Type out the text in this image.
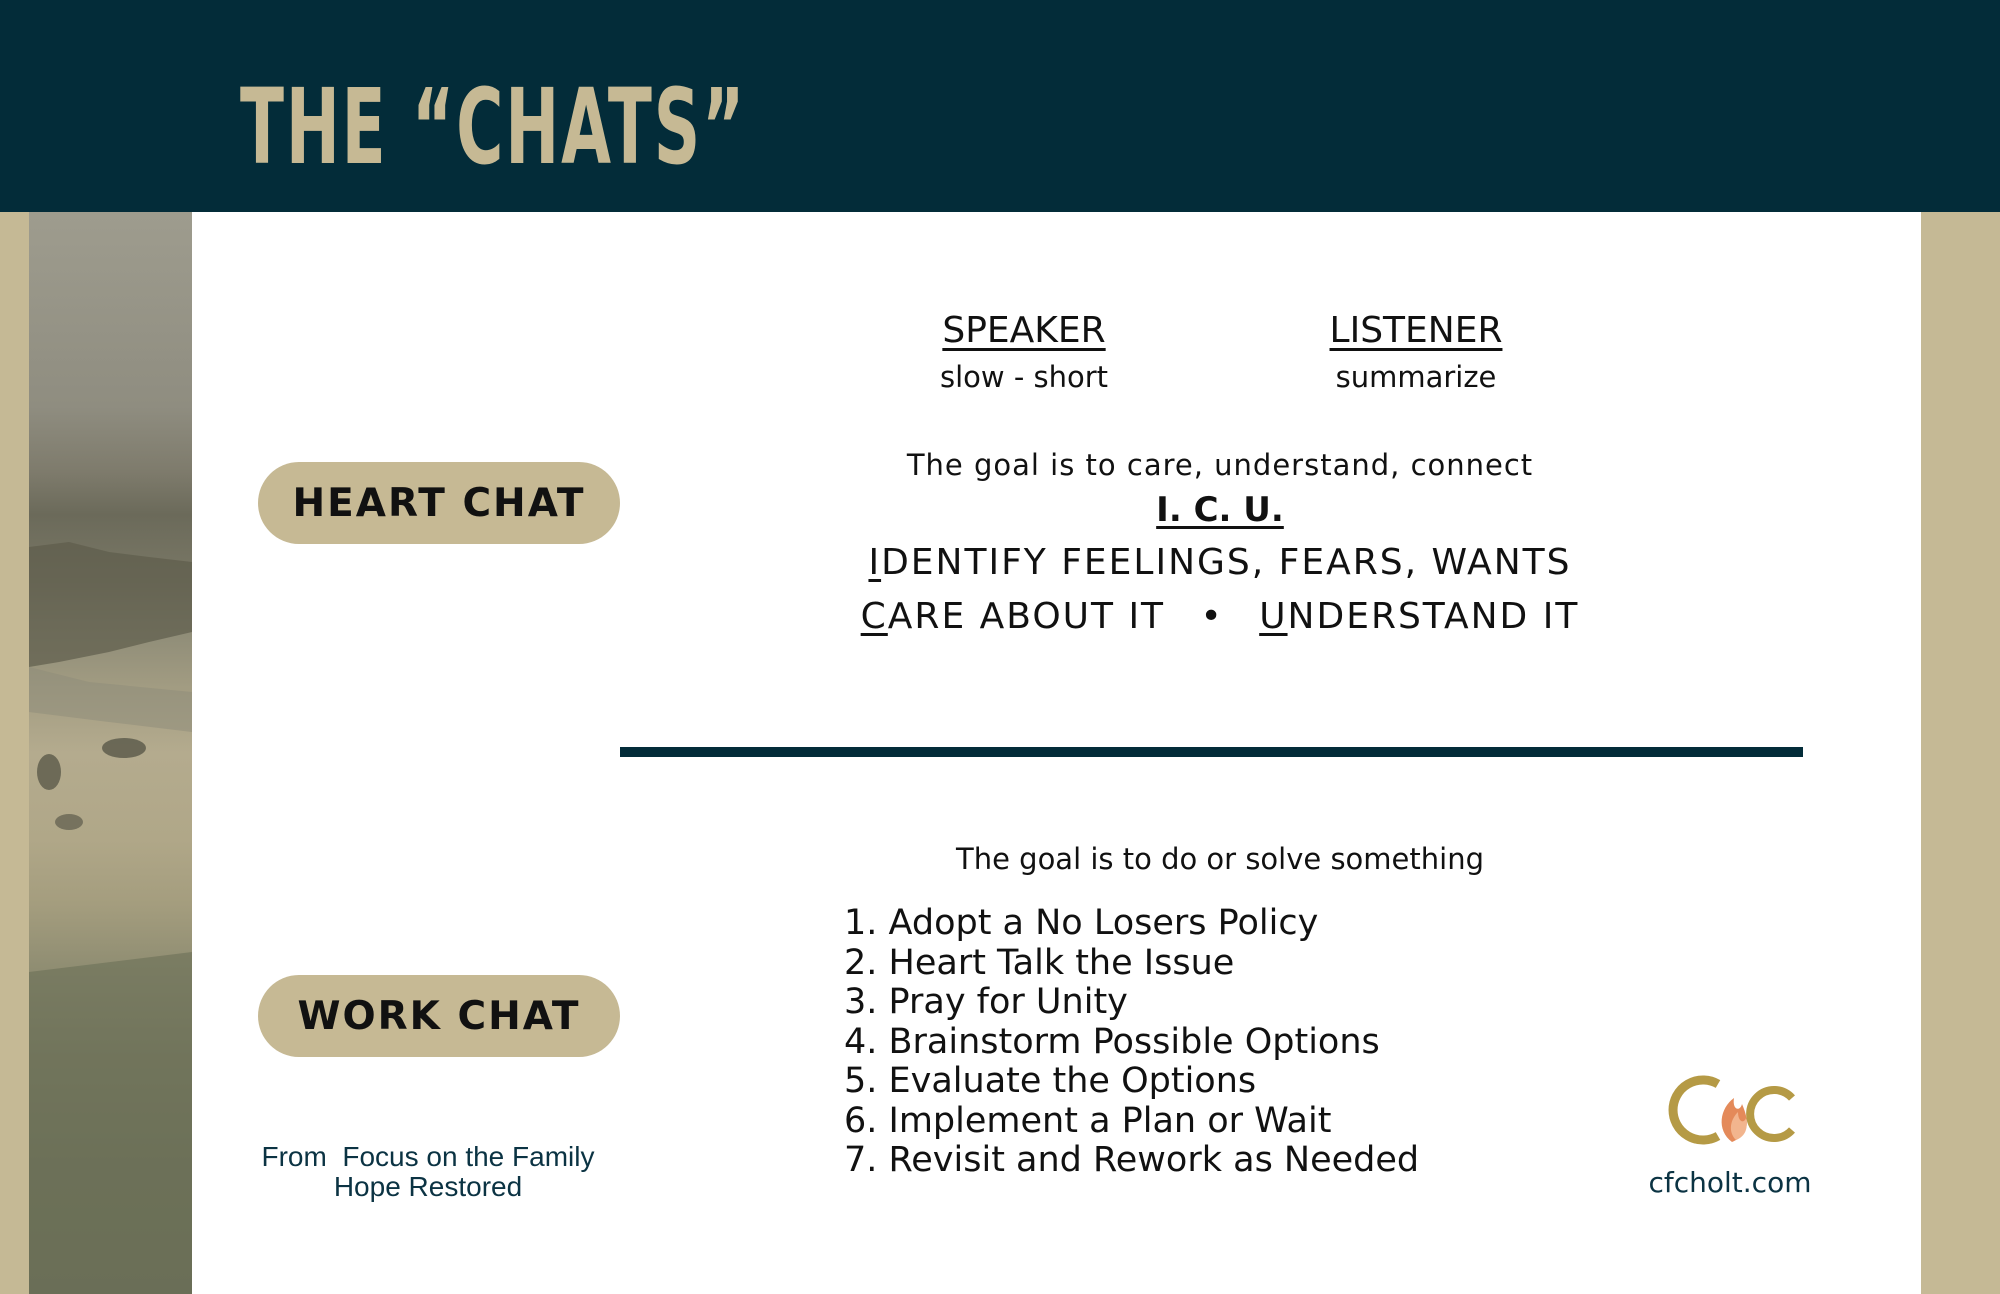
THE “CHATS”
HEART CHAT
SPEAKER
slow - short
LISTENER
summarize
The goal is to care, understand, connect
I. C. U.
IDENTIFY FEELINGS, FEARS, WANTS
CARE ABOUT IT • UNDERSTAND IT
WORK CHAT
The goal is to do or solve something
1. Adopt a No Losers Policy
2. Heart Talk the Issue
3. Pray for Unity
4. Brainstorm Possible Options
5. Evaluate the Options
6. Implement a Plan or Wait
7. Revisit and Rework as Needed
From  Focus on the Family
Hope Restored	cfcholt.com
